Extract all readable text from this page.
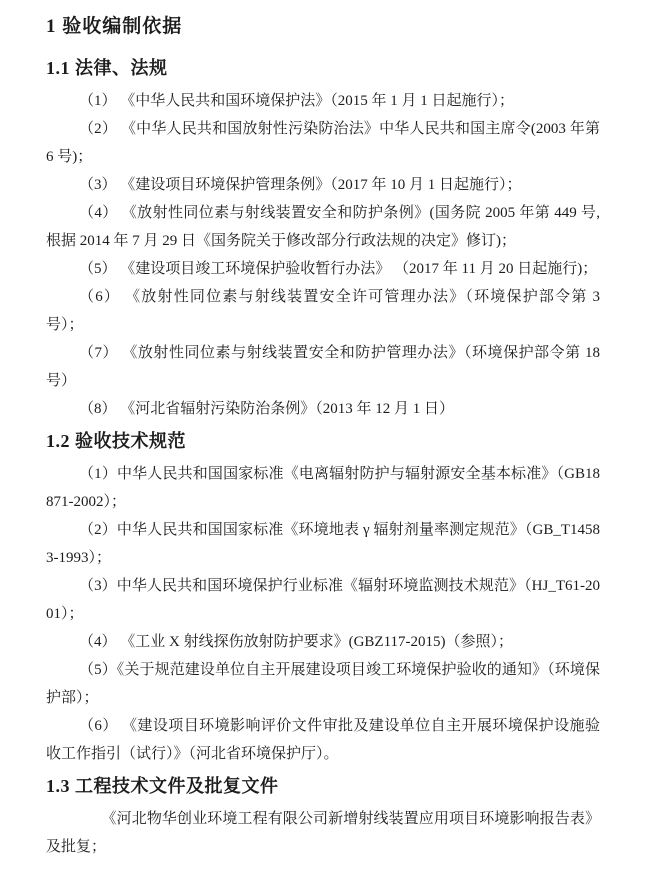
1 验收编制依据
1.1 法律、法规

（1） 《中华人民共和国环境保护法》（2015 年 1 月 1 日起施行）；

（2） 《中华人民共和国放射性污染防治法》中华人民共和国主席令(2003 年第 6 号)；

（3） 《建设项目环境保护管理条例》（2017 年 10 月 1 日起施行）；

（4） 《放射性同位素与射线装置安全和防护条例》(国务院 2005 年第 449 号, 根据 2014 年 7 月 29 日《国务院关于修改部分行政法规的决定》修订)；

（5） 《建设项目竣工环境保护验收暂行办法》 （2017 年 11 月 20 日起施行)；

（6） 《放射性同位素与射线装置安全许可管理办法》（环境保护部令第 3 号）；

（7） 《放射性同位素与射线装置安全和防护管理办法》（环境保护部令第 18 号）

（8） 《河北省辐射污染防治条例》（2013 年 12 月 1 日）

1.2 验收技术规范

（1）中华人民共和国国家标准《电离辐射防护与辐射源安全基本标准》（GB18871-2002）；

（2）中华人民共和国国家标准《环境地表 γ 辐射剂量率测定规范》（GB_T14583-1993）；

（3）中华人民共和国环境保护行业标准《辐射环境监测技术规范》（HJ_T61-2001）；

（4） 《工业 X 射线探伤放射防护要求》(GBZ117-2015)（参照）；

（5）《关于规范建设单位自主开展建设项目竣工环境保护验收的通知》（环境保护部）；

（6） 《建设项目环境影响评价文件审批及建设单位自主开展环境保护设施验收工作指引（试行）》（河北省环境保护厅）。

1.3 工程技术文件及批复文件

《河北物华创业环境工程有限公司新增射线装置应用项目环境影响报告表》及批复；
